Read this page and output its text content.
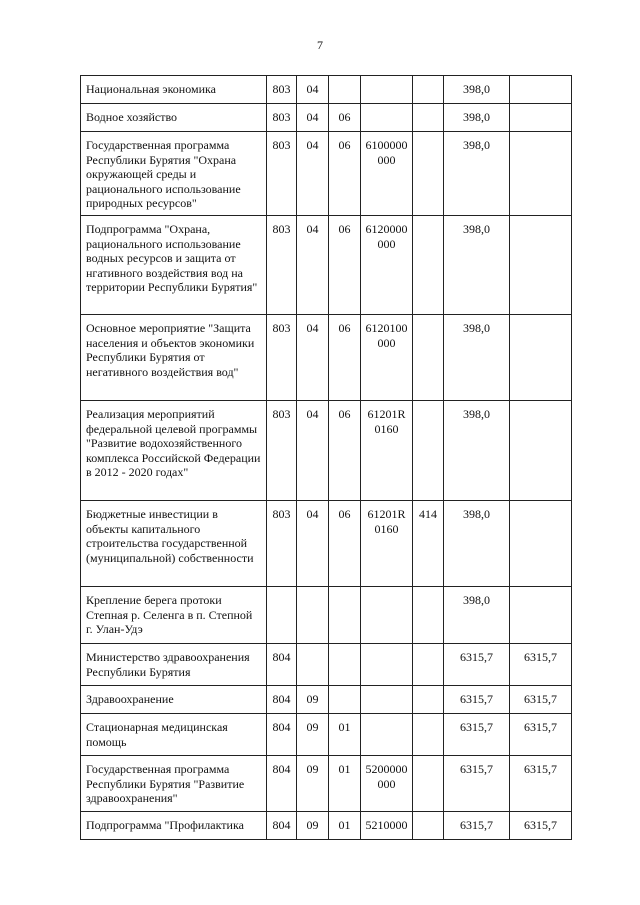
7
Национальная экономика	803	04				398,0	
Водное хозяйство	803	04	06			398,0	
Государственная программа Республики Бурятия "Охрана окружающей среды и рационального использование природных ресурсов"	803	04	06	6100000 000		398,0	
Подпрограмма "Охрана, рационального использование водных ресурсов и защита от нгативного воздействия вод на территории Республики Бурятия"	803	04	06	6120000 000		398,0	
Основное мероприятие "Защита населения и объектов экономики Республики Бурятия от негативного воздействия вод"	803	04	06	6120100 000		398,0	
Реализация мероприятий федеральной целевой программы "Развитие водохозяйственного комплекса Российской Федерации в 2012 - 2020 годах"	803	04	06	61201R 0160		398,0	
Бюджетные инвестиции в объекты капитального строительства государственной (муниципальной) собственности	803	04	06	61201R 0160	414	398,0	
Крепление берега протоки Степная р. Селенга в п. Степной г. Улан-Удэ						398,0	
Министерство здравоохранения Республики Бурятия	804					6315,7	6315,7
Здравоохранение	804	09				6315,7	6315,7
Стационарная медицинская помощь	804	09	01			6315,7	6315,7
Государственная программа Республики Бурятия "Развитие здравоохранения"	804	09	01	5200000 000		6315,7	6315,7
Подпрограмма "Профилактика	804	09	01	5210000		6315,7	6315,7
